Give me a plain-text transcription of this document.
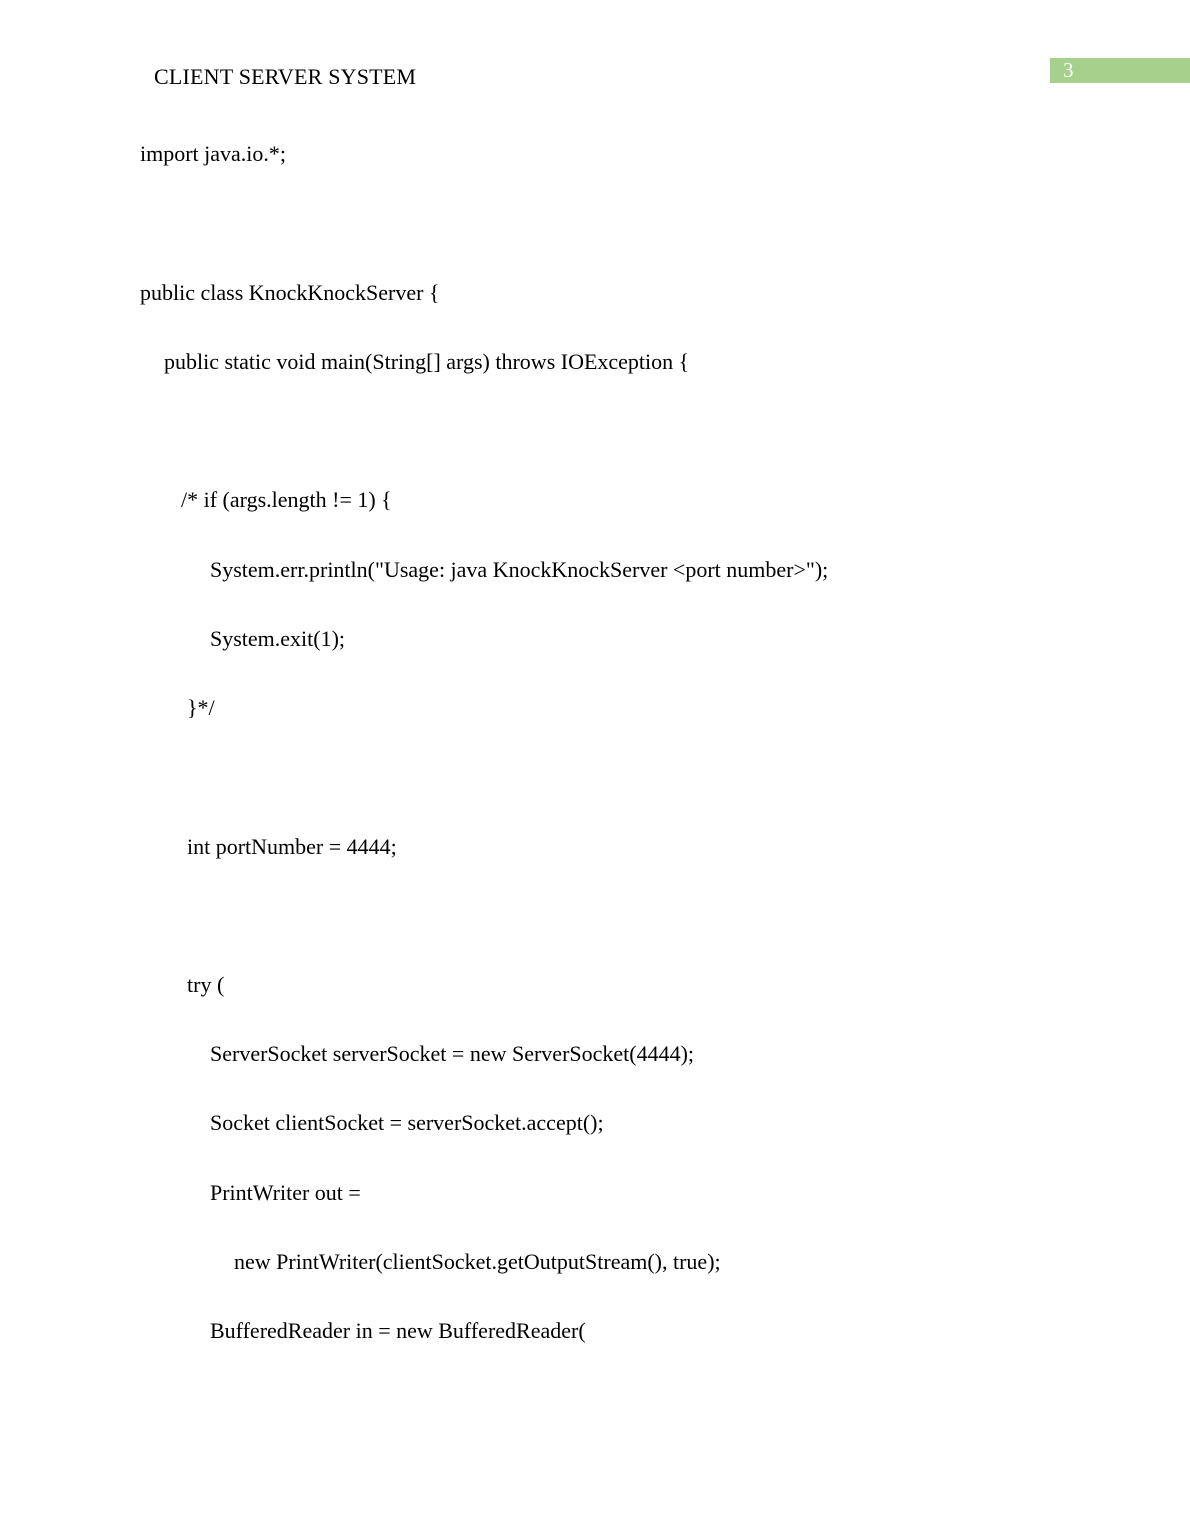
CLIENT SERVER SYSTEM	3
import java.io.*;
public class KnockKnockServer {
public static void main(String[] args) throws IOException {
/* if (args.length != 1) {
System.err.println("Usage: java KnockKnockServer <port number>");
System.exit(1);
}*/
int portNumber = 4444;
try (
ServerSocket serverSocket = new ServerSocket(4444);
Socket clientSocket = serverSocket.accept();
PrintWriter out =
new PrintWriter(clientSocket.getOutputStream(), true);
BufferedReader in = new BufferedReader(
